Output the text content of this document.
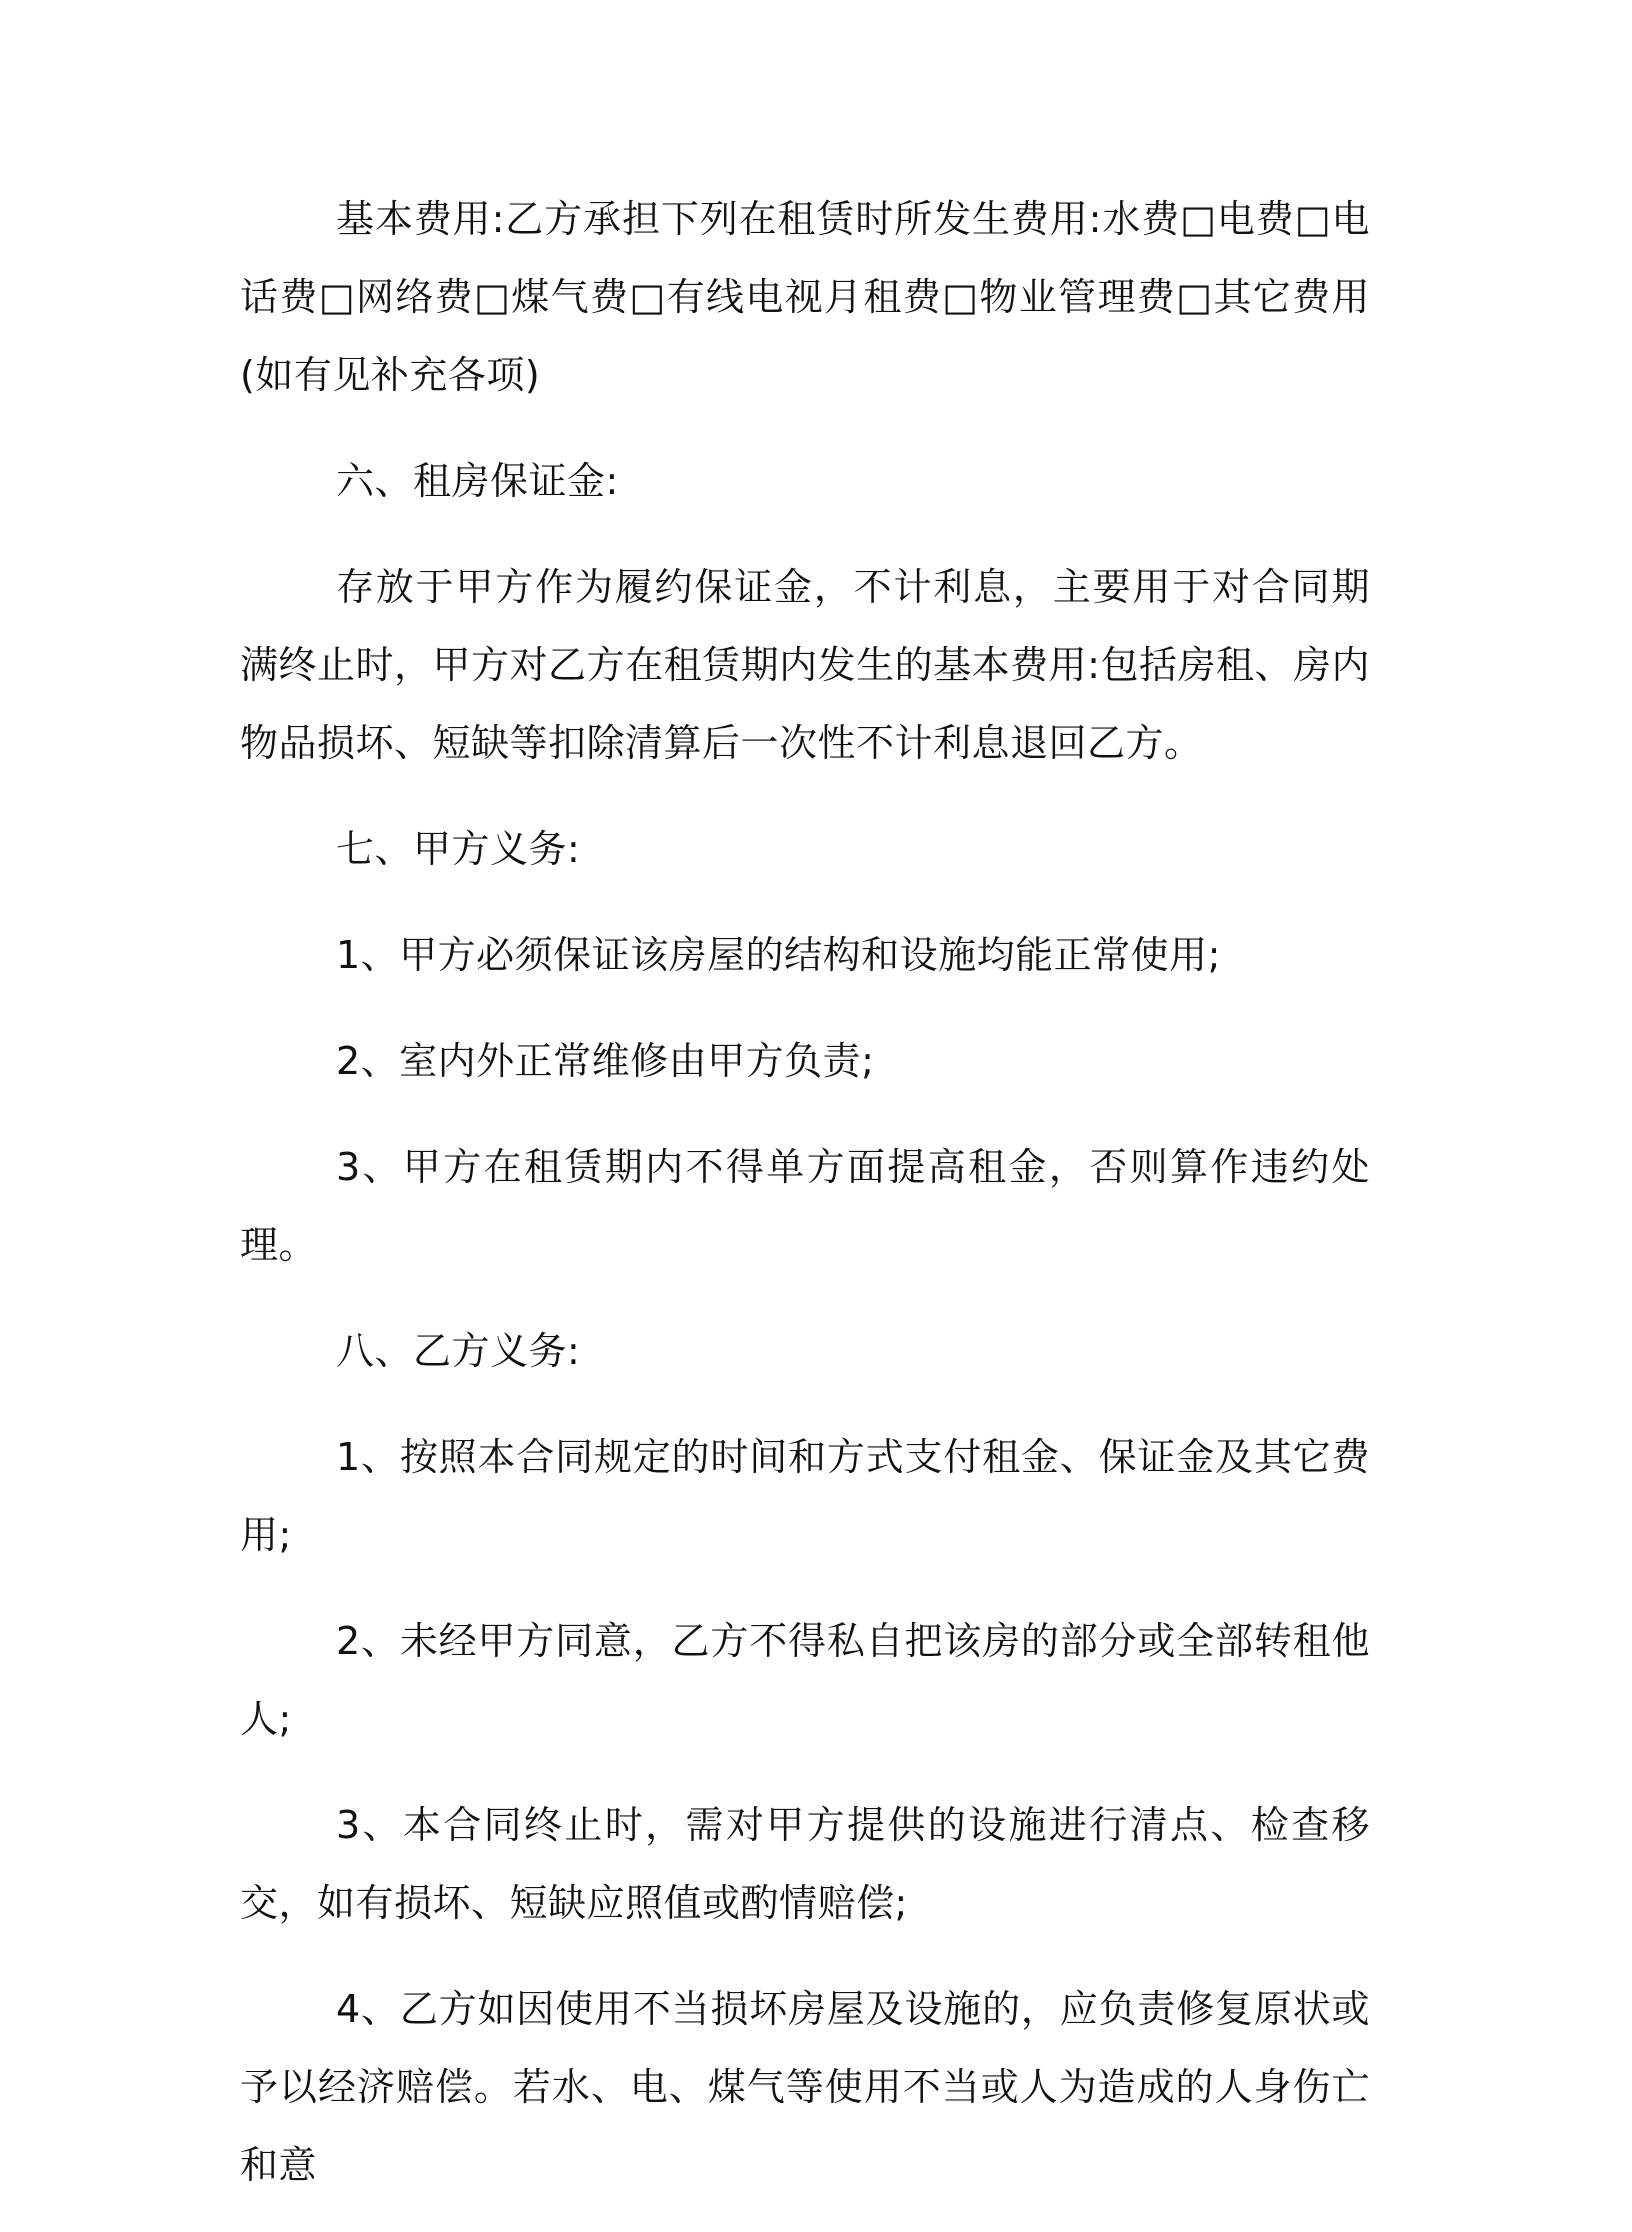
基本费用:乙方承担下列在租赁时所发生费用:水费□电费□电话费□网络费□煤气费□有线电视月租费□物业管理费□其它费用(如有见补充各项)

六、租房保证金:

存放于甲方作为履约保证金，不计利息，主要用于对合同期满终止时，甲方对乙方在租赁期内发生的基本费用:包括房租、房内物品损坏、短缺等扣除清算后一次性不计利息退回乙方。

七、甲方义务:

1、甲方必须保证该房屋的结构和设施均能正常使用;

2、室内外正常维修由甲方负责;

3、甲方在租赁期内不得单方面提高租金，否则算作违约处理。

八、乙方义务:

1、按照本合同规定的时间和方式支付租金、保证金及其它费用;

2、未经甲方同意，乙方不得私自把该房的部分或全部转租他人;

3、本合同终止时，需对甲方提供的设施进行清点、检查移交，如有损坏、短缺应照值或酌情赔偿;

4、乙方如因使用不当损坏房屋及设施的，应负责修复原状或予以经济赔偿。若水、电、煤气等使用不当或人为造成的人身伤亡和意
